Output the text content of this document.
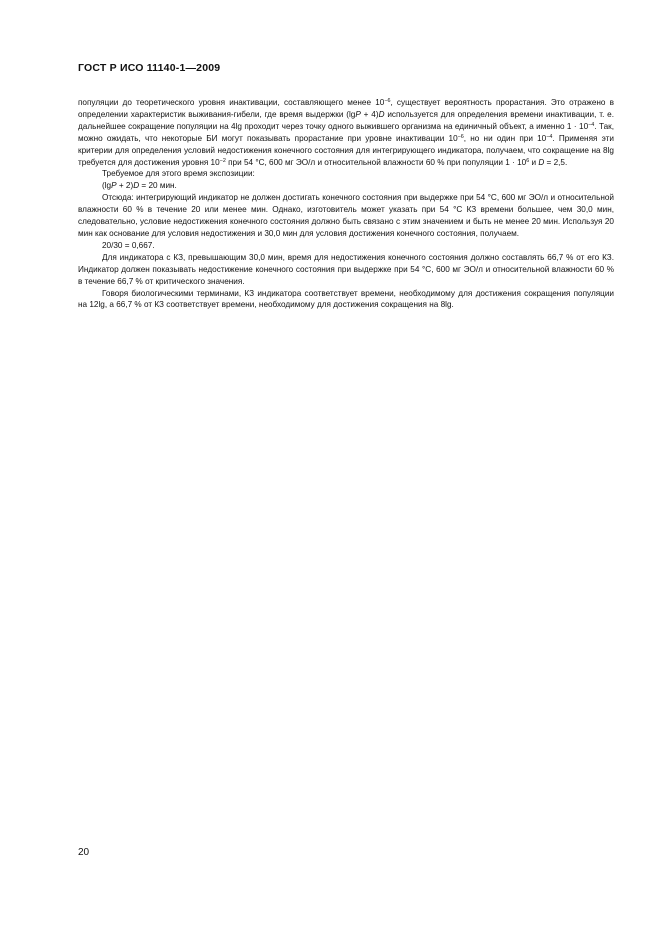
ГОСТ Р ИСО 11140-1—2009

популяции до теоретического уровня инактивации, составляющего менее $10^{-6}$, существует вероятность прорастания. Это отражено в определении характеристик выживания-гибели, где время выдержки (lgP + 4)D используется для определения времени инактивации, т. е. дальнейшее сокращение популяции на 4lg проходит через точку одного выжившего организма на единичный объект, а именно $1 \cdot 10^{-4}$. Так, можно ожидать, что некоторые БИ могут показывать прорастание при уровне инактивации $10^{-6}$, но ни один при $10^{-4}$. Применяя эти критерии для определения условий недостижения конечного состояния для интегрирующего индикатора, получаем, что сокращение на 8lg требуется для достижения уровня $10^{-2}$ при 54 °С, 600 мг ЭО/л и относительной влажности 60 % при популяции $1 \cdot 10^6$ и D = 2,5.

Требуемое для этого время экспозиции:

(lgP + 2)D = 20 мин.

Отсюда: интегрирующий индикатор не должен достигать конечного состояния при выдержке при 54 °С, 600 мг ЭО/л и относительной влажности 60 % в течение 20 или менее мин. Однако, изготовитель может указать при 54 °С КЗ времени большее, чем 30,0 мин, следовательно, условие недостижения конечного состояния должно быть связано с этим значением и быть не менее 20 мин. Используя 20 мин как основание для условия недостижения и 30,0 мин для условия достижения конечного состояния, получаем.

20/30 = 0,667.

Для индикатора с КЗ, превышающим 30,0 мин, время для недостижения конечного состояния должно составлять 66,7 % от его КЗ. Индикатор должен показывать недостижение конечного состояния при выдержке при 54 °С, 600 мг ЭО/л и относительной влажности 60 % в течение 66,7 % от критического значения.

Говоря биологическими терминами, КЗ индикатора соответствует времени, необходимому для достижения сокращения популяции на 12lg, а 66,7 % от КЗ соответствует времени, необходимому для достижения сокращения на 8lg.

20
